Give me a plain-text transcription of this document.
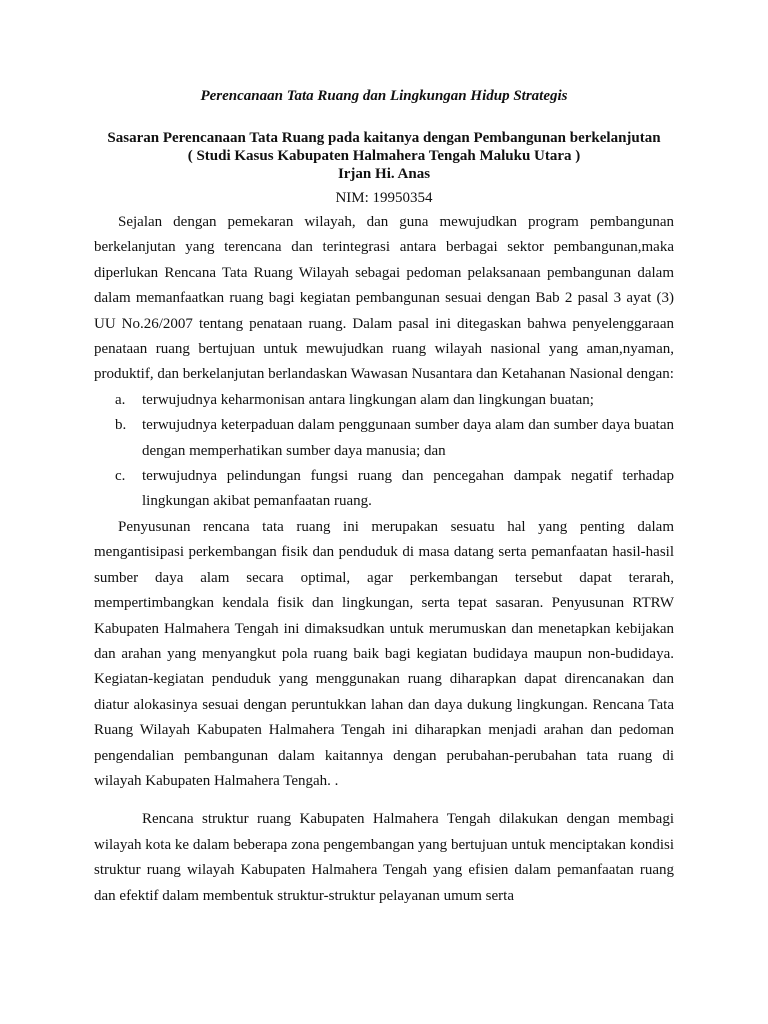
Perencanaan Tata Ruang dan Lingkungan Hidup Strategis

Sasaran Perencanaan Tata Ruang pada kaitanya dengan Pembangunan berkelanjutan

( Studi Kasus Kabupaten Halmahera Tengah Maluku Utara )

Irjan Hi. Anas

NIM: 19950354

Sejalan dengan pemekaran wilayah, dan guna mewujudkan program pembangunan berkelanjutan yang terencana dan terintegrasi antara berbagai sektor pembangunan,maka diperlukan Rencana Tata Ruang Wilayah sebagai pedoman pelaksanaan pembangunan dalam dalam memanfaatkan ruang bagi kegiatan pembangunan sesuai dengan Bab 2 pasal 3 ayat (3) UU No.26/2007 tentang penataan ruang. Dalam pasal ini ditegaskan bahwa penyelenggaraan penataan ruang bertujuan untuk mewujudkan ruang wilayah nasional yang aman,nyaman, produktif, dan berkelanjutan berlandaskan Wawasan Nusantara dan Ketahanan Nasional dengan:

a. terwujudnya keharmonisan antara lingkungan alam dan lingkungan buatan;
b. terwujudnya keterpaduan dalam penggunaan sumber daya alam dan sumber daya buatan dengan memperhatikan sumber daya manusia; dan
c. terwujudnya pelindungan fungsi ruang dan pencegahan dampak negatif terhadap lingkungan akibat pemanfaatan ruang.

Penyusunan rencana tata ruang ini merupakan sesuatu hal yang penting dalam mengantisipasi perkembangan fisik dan penduduk di masa datang serta pemanfaatan hasil-hasil sumber daya alam secara optimal, agar perkembangan tersebut dapat terarah, mempertimbangkan kendala fisik dan lingkungan, serta tepat sasaran. Penyusunan RTRW Kabupaten Halmahera Tengah ini dimaksudkan untuk merumuskan dan menetapkan kebijakan dan arahan yang menyangkut pola ruang baik bagi kegiatan budidaya maupun non-budidaya. Kegiatan-kegiatan penduduk yang menggunakan ruang diharapkan dapat direncanakan dan diatur alokasinya sesuai dengan peruntukkan lahan dan daya dukung lingkungan. Rencana Tata Ruang Wilayah Kabupaten Halmahera Tengah ini diharapkan menjadi arahan dan pedoman pengendalian pembangunan dalam kaitannya dengan perubahan-perubahan tata ruang di wilayah Kabupaten Halmahera Tengah. .

Rencana struktur ruang Kabupaten Halmahera Tengah dilakukan dengan membagi wilayah kota ke dalam beberapa zona pengembangan yang bertujuan untuk menciptakan kondisi struktur ruang wilayah Kabupaten Halmahera Tengah yang efisien dalam pemanfaatan ruang dan efektif dalam membentuk struktur-struktur pelayanan umum serta
